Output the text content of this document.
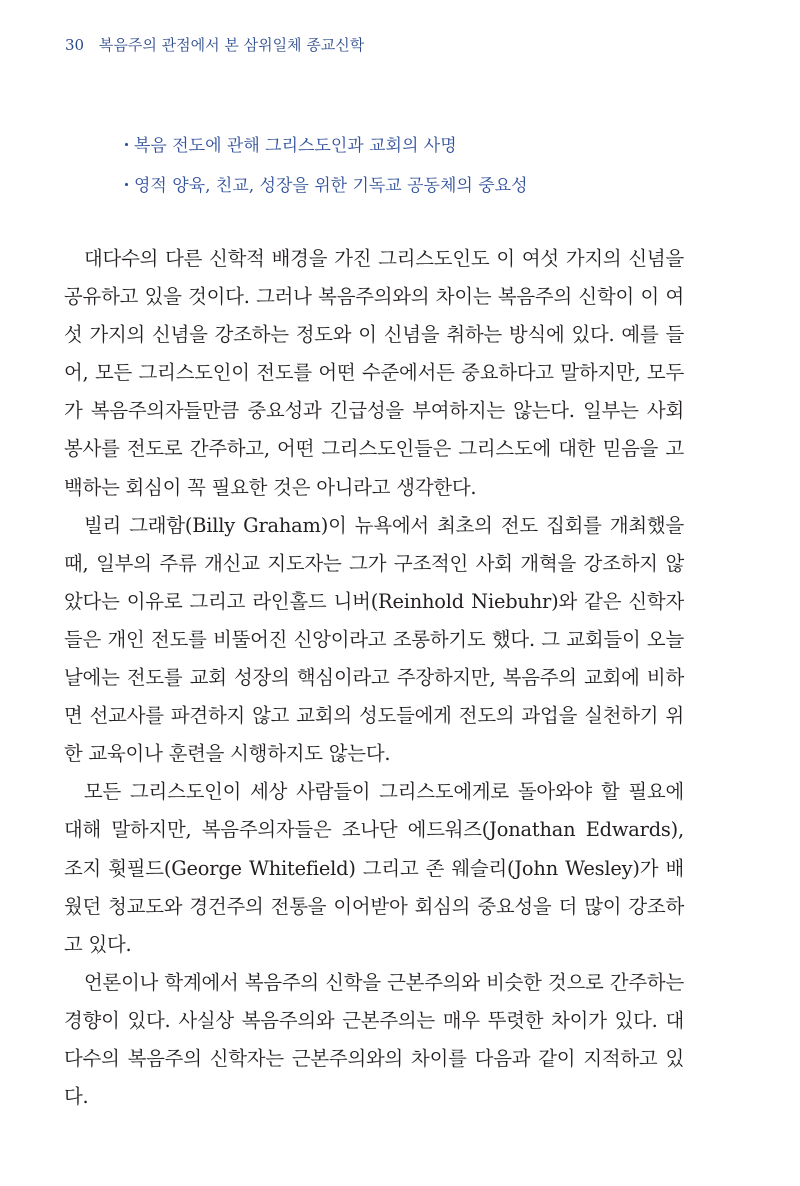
30 복음주의 관점에서 본 삼위일체 종교신학
・복음 전도에 관해 그리스도인과 교회의 사명
・영적 양육, 친교, 성장을 위한 기독교 공동체의 중요성

대다수의 다른 신학적 배경을 가진 그리스도인도 이 여섯 가지의 신념을 공유하고 있을 것이다. 그러나 복음주의와의 차이는 복음주의 신학이 이 여섯 가지의 신념을 강조하는 정도와 이 신념을 취하는 방식에 있다. 예를 들어, 모든 그리스도인이 전도를 어떤 수준에서든 중요하다고 말하지만, 모두가 복음주의자들만큼 중요성과 긴급성을 부여하지는 않는다. 일부는 사회 봉사를 전도로 간주하고, 어떤 그리스도인들은 그리스도에 대한 믿음을 고백하는 회심이 꼭 필요한 것은 아니라고 생각한다.

빌리 그래함(Billy Graham)이 뉴욕에서 최초의 전도 집회를 개최했을 때, 일부의 주류 개신교 지도자는 그가 구조적인 사회 개혁을 강조하지 않았다는 이유로 그리고 라인홀드 니버(Reinhold Niebuhr)와 같은 신학자들은 개인 전도를 비뚤어진 신앙이라고 조롱하기도 했다. 그 교회들이 오늘날에는 전도를 교회 성장의 핵심이라고 주장하지만, 복음주의 교회에 비하면 선교사를 파견하지 않고 교회의 성도들에게 전도의 과업을 실천하기 위한 교육이나 훈련을 시행하지도 않는다.

모든 그리스도인이 세상 사람들이 그리스도에게로 돌아와야 할 필요에 대해 말하지만, 복음주의자들은 조나단 에드워즈(Jonathan Edwards), 조지 휫필드(George Whitefield) 그리고 존 웨슬리(John Wesley)가 배웠던 청교도와 경건주의 전통을 이어받아 회심의 중요성을 더 많이 강조하고 있다.

언론이나 학계에서 복음주의 신학을 근본주의와 비슷한 것으로 간주하는 경향이 있다. 사실상 복음주의와 근본주의는 매우 뚜렷한 차이가 있다. 대다수의 복음주의 신학자는 근본주의와의 차이를 다음과 같이 지적하고 있다.
